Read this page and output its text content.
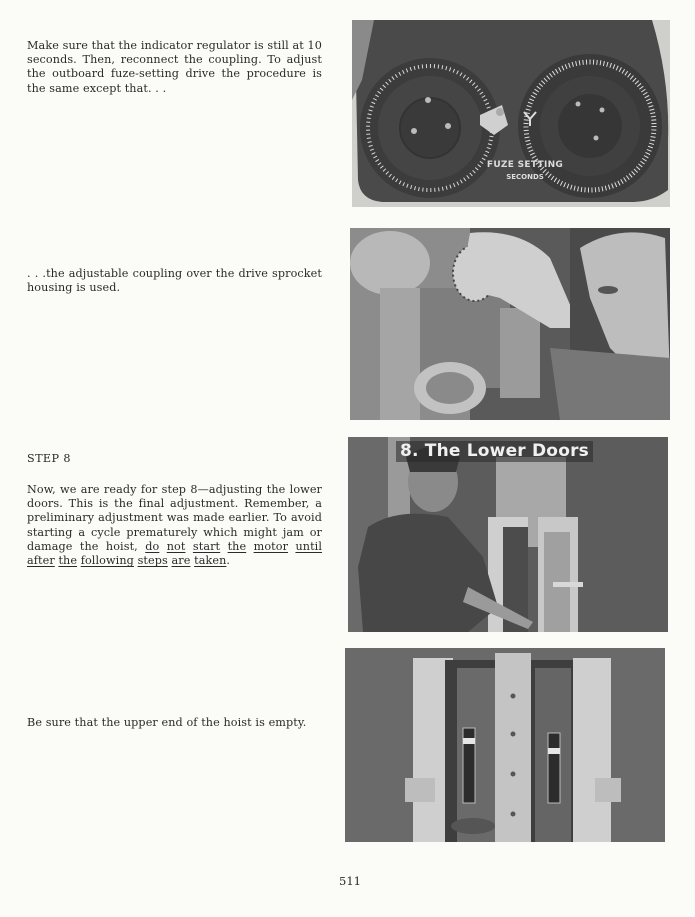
Make sure that the indicator regulator is still at 10 seconds. Then, reconnect the coupling. To adjust the outboard fuze-setting drive the procedure is the same except that. . .

. . .the adjustable coupling over the drive sprocket housing is used.

STEP 8

Now, we are ready for step 8—adjusting the lower doors. This is the final adjustment. Remember, a preliminary adjustment was made earlier. To avoid starting a cycle prematurely which might jam or damage the hoist, do not start the motor until after the following steps are taken.

Be sure that the upper end of the hoist is empty.

FUZE SETTING
SECONDS
8. The Lower Doors

511
